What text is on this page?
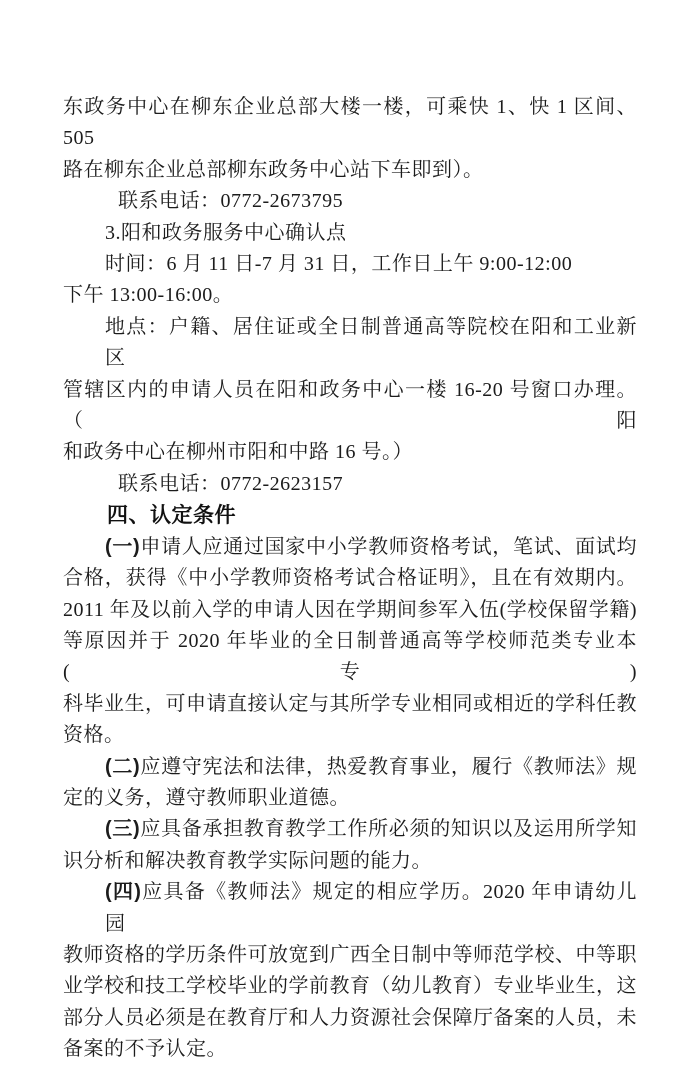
东政务中心在柳东企业总部大楼一楼，可乘快 1、快 1 区间、505
路在柳东企业总部柳东政务中心站下车即到）。
联系电话：0772-2673795
3.阳和政务服务中心确认点
时间：6 月 11 日-7 月 31 日，工作日上午 9:00-12:00
下午 13:00-16:00。
地点：户籍、居住证或全日制普通高等院校在阳和工业新区
管辖区内的申请人员在阳和政务中心一楼 16-20 号窗口办理。（阳
和政务中心在柳州市阳和中路 16 号。）
联系电话：0772-2623157
四、认定条件
(一)申请人应通过国家中小学教师资格考试，笔试、面试均
合格，获得《中小学教师资格考试合格证明》，且在有效期内。
2011 年及以前入学的申请人因在学期间参军入伍(学校保留学籍)
等原因并于 2020 年毕业的全日制普通高等学校师范类专业本(专)
科毕业生，可申请直接认定与其所学专业相同或相近的学科任教
资格。
(二)应遵守宪法和法律，热爱教育事业，履行《教师法》规
定的义务，遵守教师职业道德。
(三)应具备承担教育教学工作所必须的知识以及运用所学知
识分析和解决教育教学实际问题的能力。
(四)应具备《教师法》规定的相应学历。2020 年申请幼儿园
教师资格的学历条件可放宽到广西全日制中等师范学校、中等职
业学校和技工学校毕业的学前教育（幼儿教育）专业毕业生，这
部分人员必须是在教育厅和人力资源社会保障厅备案的人员，未
备案的不予认定。
